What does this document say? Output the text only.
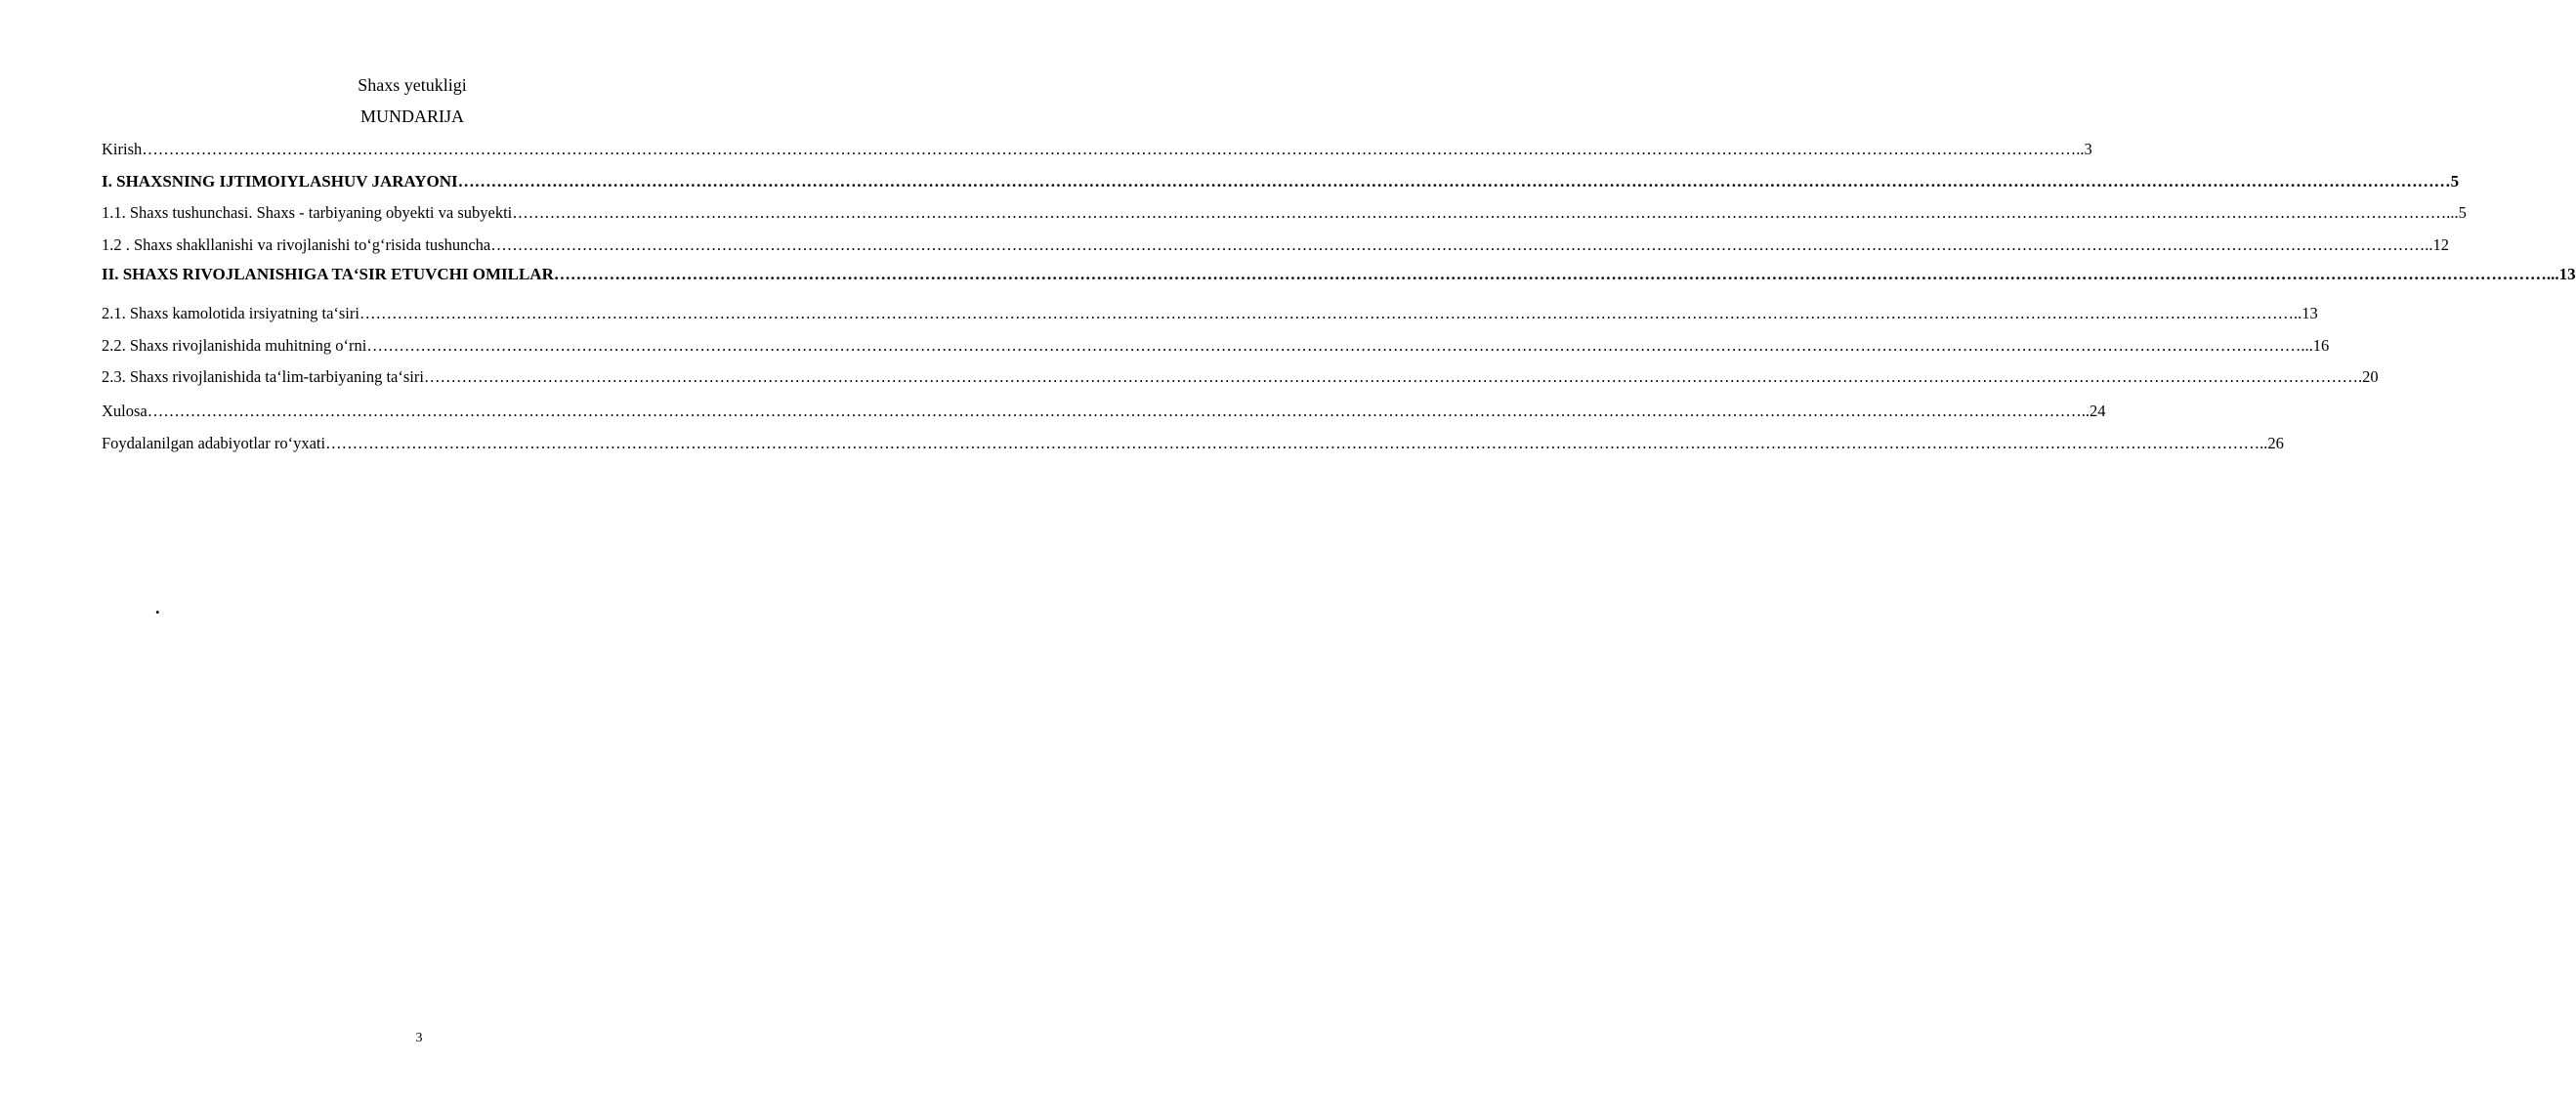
Shaxs yetukligi
MUNDARIJA
Kirish ……………………………………………………………………………………………………………………………………………………………………………………………………………………………………………………………………………………………………………………………… ..3
I. SHAXSNING IJTIMOIYLASHUV JARAYONI ……………………………………………………………………………………………………………………………………………………………………………………………………………………………………………………………………………………………………………………………… 5
1.1. Shaxs tushunchasi. Shaxs - tarbiyaning obyekti va subyekti ……………………………………………………………………………………………………………………………………………………………………………………………………………………………………………………………………………………………………………………………… ...5
1.2 . Shaxs shakllanishi va rivojlanishi to‘g‘risida tushuncha ……………………………………………………………………………………………………………………………………………………………………………………………………………………………………………………………………………………………………………………………… ..12
II. SHAXS RIVOJLANISHIGA TA‘SIR ETUVCHI OMILLAR ……………………………………………………………………………………………………………………………………………………………………………………………………………………………………………………………………………………………………………………………… ...13
2.1. Shaxs kamolotida irsiyatning ta‘siri ……………………………………………………………………………………………………………………………………………………………………………………………………………………………………………………………………………………………………………………………… ..13
2.2. Shaxs rivojlanishida muhitning o‘rni ……………………………………………………………………………………………………………………………………………………………………………………………………………………………………………………………………………………………………………………………… ...16
2.3. Shaxs rivojlanishida ta‘lim-tarbiyaning ta‘siri ……………………………………………………………………………………………………………………………………………………………………………………………………………………………………………………………………………………………………………………………… .20
Xulosa ……………………………………………………………………………………………………………………………………………………………………………………………………………………………………………………………………………………………………………………………… ..24
Foydalanilgan adabiyotlar ro‘yxati ……………………………………………………………………………………………………………………………………………………………………………………………………………………………………………………………………………………………………………………………… ..26
.
3
